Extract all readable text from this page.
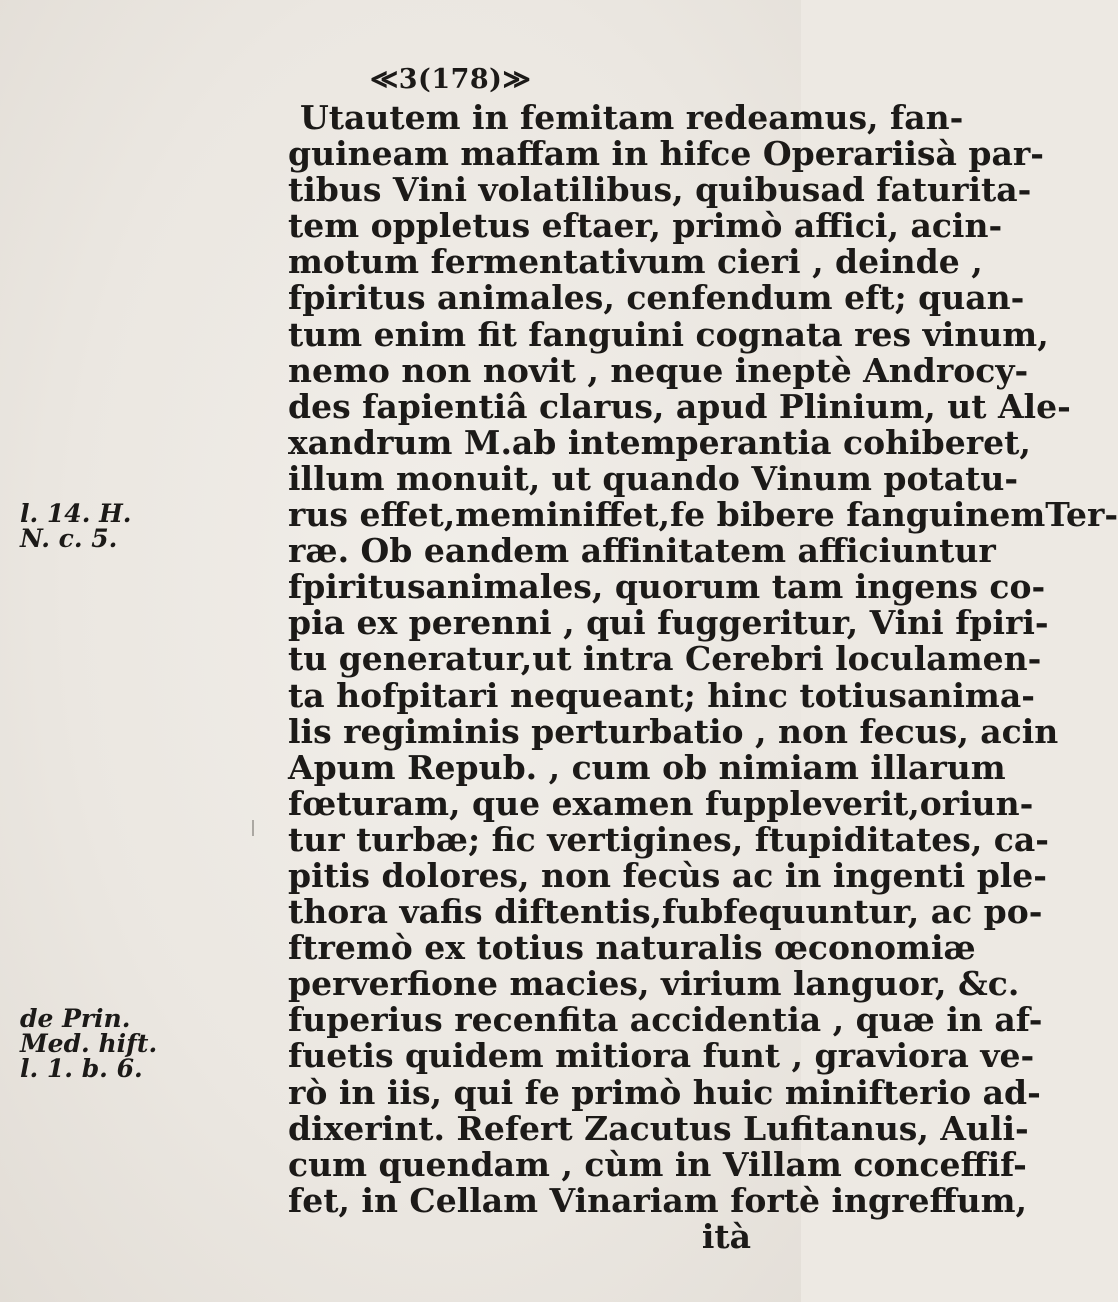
≪3(178)≫
Utautem in femitam redeamus, fan-
guineam maffam in hifce Operariisà par-
tibus Vini volatilibus, quibusad faturita-
tem oppletus eftaer, primò affici, acin-
motum fermentativum cieri , deinde ,
fpiritus animales, cenfendum eft; quan-
tum enim fit fanguini cognata res vinum,
nemo non novit , neque ineptè Androcy-
des fapientiâ clarus, apud Plinium, ut Ale-
xandrum M.ab intemperantia cohiberet,
illum monuit, ut quando Vinum potatu-
rus effet,meminiffet,fe bibere fanguinemTer-
ræ. Ob eandem affinitatem afficiuntur
fpiritusanimales, quorum tam ingens co-
pia ex perenni , qui fuggeritur, Vini fpiri-
tu generatur,ut intra Cerebri loculamen-
ta hofpitari nequeant; hinc totiusanima-
lis regiminis perturbatio , non fecus, acin
Apum Repub. , cum ob nimiam illarum
fœturam, que examen fuppleverit,oriun-
tur turbæ; fic vertigines, ftupiditates, ca-
pitis dolores, non fecùs ac in ingenti ple-
thora vafis diftentis,fubfequuntur, ac po-
ftremò ex totius naturalis œconomiæ
perverfione macies, virium languor, &c.
fuperius recenfita accidentia , quæ in af-
fuetis quidem mitiora funt , graviora ve-
rò in iis, qui fe primò huic minifterio ad-
dixerint. Refert Zacutus Lufitanus, Auli-
cum quendam , cùm in Villam conceffif-
fet, in Cellam Vinariam fortè ingreffum,
ità
l. 14. H.
N. c. 5.
de Prin.
Med. hift.
l. 1. b. 6.
